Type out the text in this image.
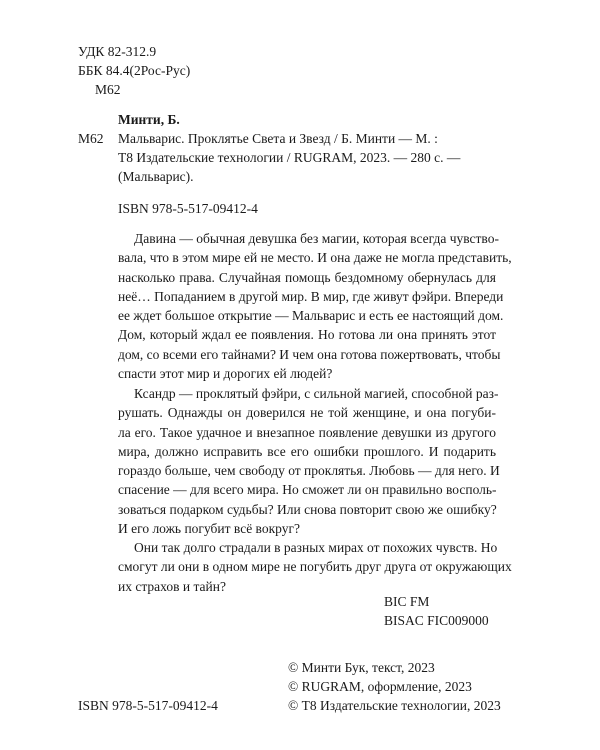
УДК 82-312.9
ББК 84.4(2Рос-Рус)
М62
Минти, Б.
М62 Мальварис. Проклятье Света и Звезд / Б. Минти — М. :
Т8 Издательские технологии / RUGRAM, 2023. — 280 с. —
(Мальварис).
ISBN 978-5-517-09412-4
Давина — обычная девушка без магии, которая всегда чувство-
вала, что в этом мире ей не место. И она даже не могла представить,
насколько права. Случайная помощь бездомному обернулась для
неё… Попаданием в другой мир. В мир, где живут фэйри. Впереди
ее ждет большое открытие — Мальварис и есть ее настоящий дом.
Дом, который ждал ее появления. Но готова ли она принять этот
дом, со всеми его тайнами? И чем она готова пожертвовать, чтобы
спасти этот мир и дорогих ей людей?
Ксандр — проклятый фэйри, с сильной магией, способной раз-
рушать. Однажды он доверился не той женщине, и она погуби-
ла его. Такое удачное и внезапное появление девушки из другого
мира, должно исправить все его ошибки прошлого. И подарить
гораздо больше, чем свободу от проклятья. Любовь — для него. И
спасение — для всего мира. Но сможет ли он правильно восполь-
зоваться подарком судьбы? Или снова повторит свою же ошибку?
И его ложь погубит всё вокруг?
Они так долго страдали в разных мирах от похожих чувств. Но
смогут ли они в одном мире не погубить друг друга от окружающих
их страхов и тайн?
BIC FM
BISAC FIC009000
ISBN 978-5-517-09412-4
© Минти Бук, текст, 2023
© RUGRAM, оформление, 2023
© Т8 Издательские технологии, 2023
